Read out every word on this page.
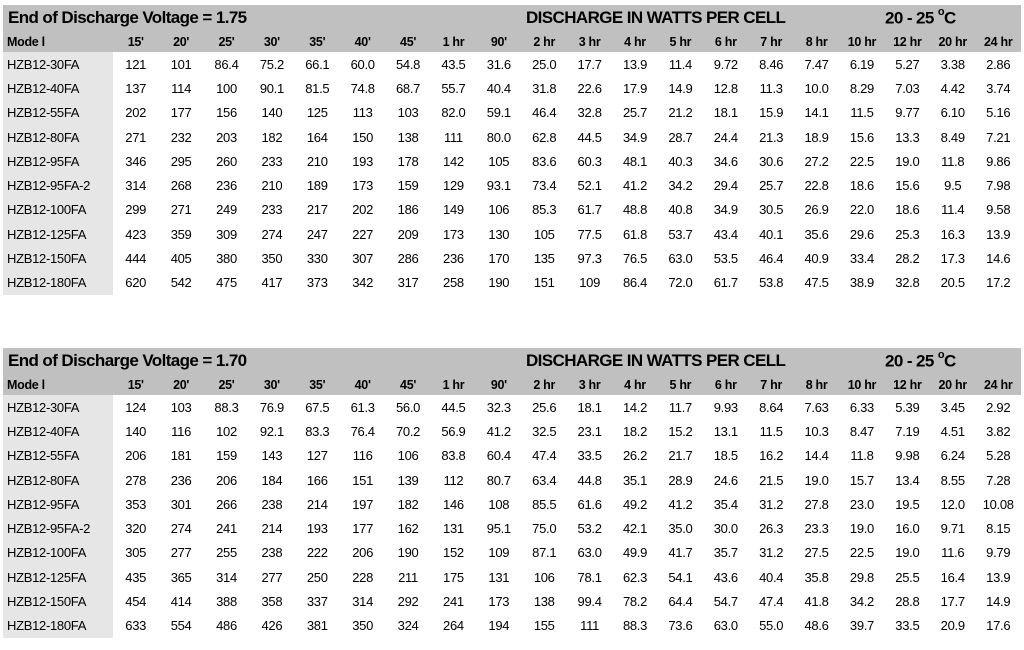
End of Discharge Voltage = 1.75	DISCHARGE IN WATTS PER CELL	20 - 25 $^o$C
Mode l	15'	20'	25'	30'	35'	40'	45'	1 hr	90'	2 hr	3 hr	4 hr	5 hr	6 hr	7 hr	8 hr	10 hr	12 hr	20 hr	24 hr
HZB12-30FA	121	101	86.4	75.2	66.1	60.0	54.8	43.5	31.6	25.0	17.7	13.9	11.4	9.72	8.46	7.47	6.19	5.27	3.38	2.86
HZB12-40FA	137	114	100	90.1	81.5	74.8	68.7	55.7	40.4	31.8	22.6	17.9	14.9	12.8	11.3	10.0	8.29	7.03	4.42	3.74
HZB12-55FA	202	177	156	140	125	113	103	82.0	59.1	46.4	32.8	25.7	21.2	18.1	15.9	14.1	11.5	9.77	6.10	5.16
HZB12-80FA	271	232	203	182	164	150	138	111	80.0	62.8	44.5	34.9	28.7	24.4	21.3	18.9	15.6	13.3	8.49	7.21
HZB12-95FA	346	295	260	233	210	193	178	142	105	83.6	60.3	48.1	40.3	34.6	30.6	27.2	22.5	19.0	11.8	9.86
HZB12-95FA-2	314	268	236	210	189	173	159	129	93.1	73.4	52.1	41.2	34.2	29.4	25.7	22.8	18.6	15.6	9.5	7.98
HZB12-100FA	299	271	249	233	217	202	186	149	106	85.3	61.7	48.8	40.8	34.9	30.5	26.9	22.0	18.6	11.4	9.58
HZB12-125FA	423	359	309	274	247	227	209	173	130	105	77.5	61.8	53.7	43.4	40.1	35.6	29.6	25.3	16.3	13.9
HZB12-150FA	444	405	380	350	330	307	286	236	170	135	97.3	76.5	63.0	53.5	46.4	40.9	33.4	28.2	17.3	14.6
HZB12-180FA	620	542	475	417	373	342	317	258	190	151	109	86.4	72.0	61.7	53.8	47.5	38.9	32.8	20.5	17.2
End of Discharge Voltage = 1.70	DISCHARGE IN WATTS PER CELL	20 - 25 $^o$C
Mode l	15'	20'	25'	30'	35'	40'	45'	1 hr	90'	2 hr	3 hr	4 hr	5 hr	6 hr	7 hr	8 hr	10 hr	12 hr	20 hr	24 hr
HZB12-30FA	124	103	88.3	76.9	67.5	61.3	56.0	44.5	32.3	25.6	18.1	14.2	11.7	9.93	8.64	7.63	6.33	5.39	3.45	2.92
HZB12-40FA	140	116	102	92.1	83.3	76.4	70.2	56.9	41.2	32.5	23.1	18.2	15.2	13.1	11.5	10.3	8.47	7.19	4.51	3.82
HZB12-55FA	206	181	159	143	127	116	106	83.8	60.4	47.4	33.5	26.2	21.7	18.5	16.2	14.4	11.8	9.98	6.24	5.28
HZB12-80FA	278	236	206	184	166	151	139	112	80.7	63.4	44.8	35.1	28.9	24.6	21.5	19.0	15.7	13.4	8.55	7.28
HZB12-95FA	353	301	266	238	214	197	182	146	108	85.5	61.6	49.2	41.2	35.4	31.2	27.8	23.0	19.5	12.0	10.08
HZB12-95FA-2	320	274	241	214	193	177	162	131	95.1	75.0	53.2	42.1	35.0	30.0	26.3	23.3	19.0	16.0	9.71	8.15
HZB12-100FA	305	277	255	238	222	206	190	152	109	87.1	63.0	49.9	41.7	35.7	31.2	27.5	22.5	19.0	11.6	9.79
HZB12-125FA	435	365	314	277	250	228	211	175	131	106	78.1	62.3	54.1	43.6	40.4	35.8	29.8	25.5	16.4	13.9
HZB12-150FA	454	414	388	358	337	314	292	241	173	138	99.4	78.2	64.4	54.7	47.4	41.8	34.2	28.8	17.7	14.9
HZB12-180FA	633	554	486	426	381	350	324	264	194	155	111	88.3	73.6	63.0	55.0	48.6	39.7	33.5	20.9	17.6
